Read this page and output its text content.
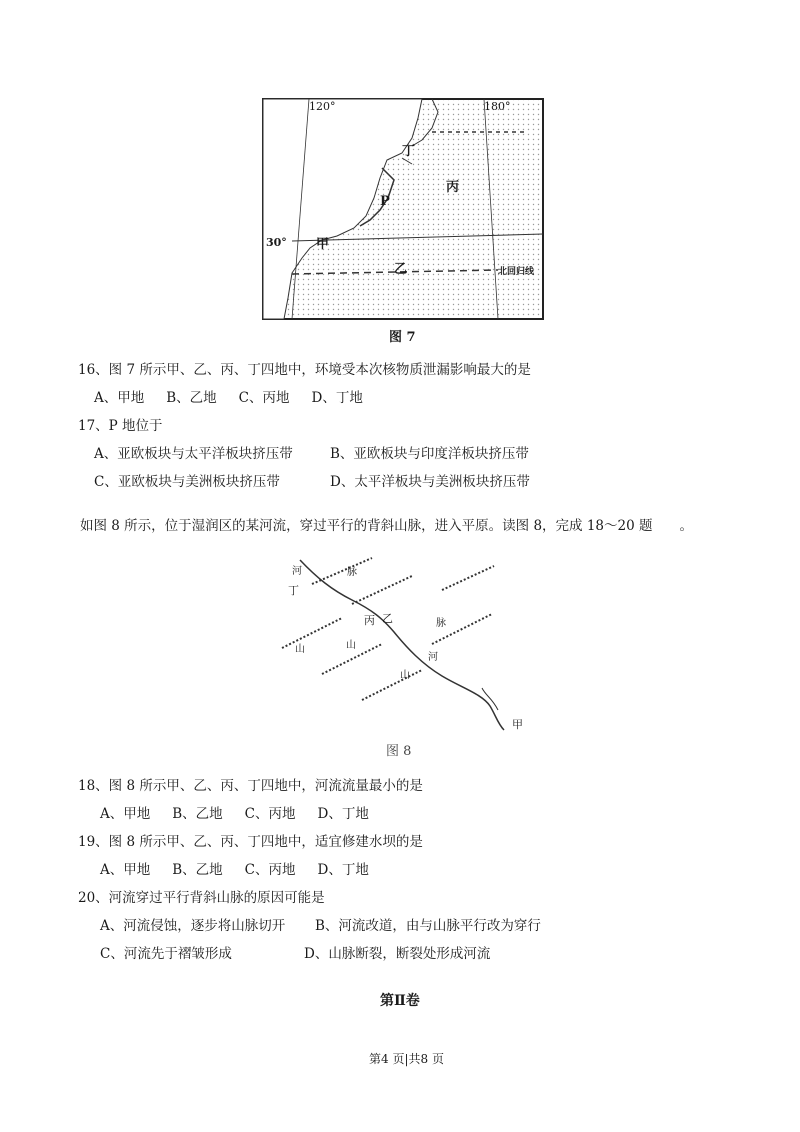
120°	180°
30° 甲
乙
丙
丁
P
北回归线
图 7
16、图 7 所示甲、乙、丙、丁四地中，环境受本次核物质泄漏影响最大的是
A、甲地 B、乙地 C、丙地 D、丁地
17、P 地位于
A、亚欧板块与太平洋板块挤压带	B、亚欧板块与印度洋板块挤压带
C、亚欧板块与美洲板块挤压带	D、太平洋板块与美洲板块挤压带
如图 8 所示，位于湿润区的某河流，穿过平行的背斜山脉，进入平原。读图 8，完成 18～20 题　　。
河
丁
脉
山
丙 乙
山
山
脉
河
甲
图 8
18、图 8 所示甲、乙、丙、丁四地中，河流流量最小的是
A、甲地 B、乙地 C、丙地 D、丁地
19、图 8 所示甲、乙、丙、丁四地中，适宜修建水坝的是
A、甲地 B、乙地 C、丙地 D、丁地
20、河流穿过平行背斜山脉的原因可能是
A、河流侵蚀，逐步将山脉切开 B、河流改道，由与山脉平行改为穿行
C、河流先于褶皱形成	D、山脉断裂，断裂处形成河流
第Ⅱ卷
第4 页|共8 页
